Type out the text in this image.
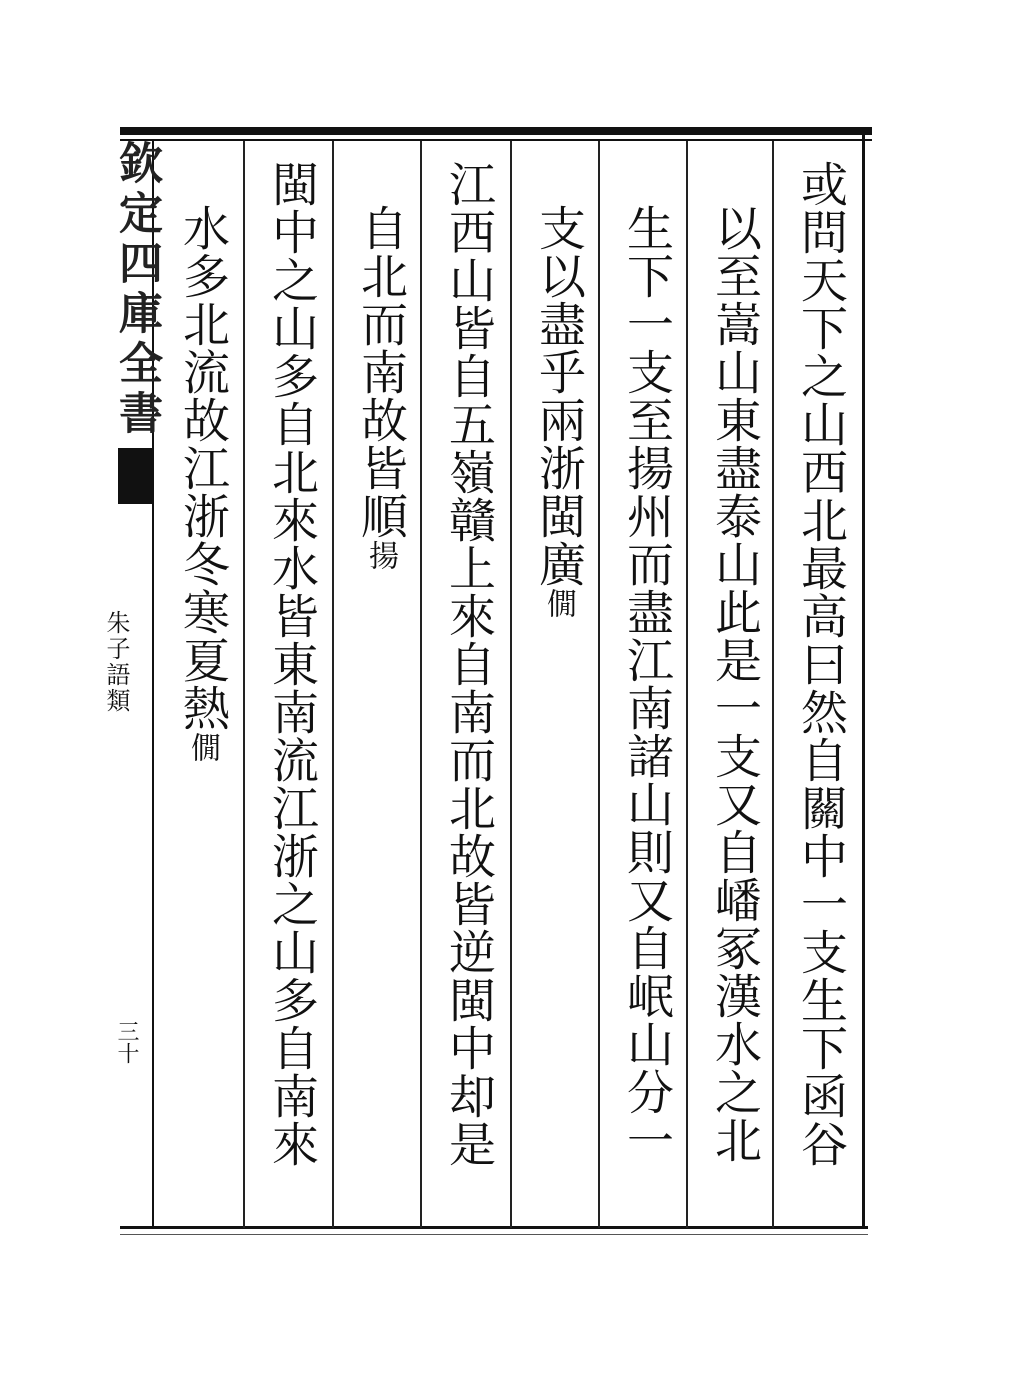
欽定四庫全書
朱子語類
三十	或問天下之山西北最高曰然自關中一支生下函谷
以至嵩山東盡泰山此是一支又自嶓冢漢水之北
生下一支至揚州而盡江南諸山則又自岷山分一
支以盡乎兩浙閩廣僩
江西山皆自五嶺贛上來自南而北故皆逆閩中却是
自北而南故皆順揚
閩中之山多自北來水皆東南流江浙之山多自南來
水多北流故江浙冬寒夏熱僩
